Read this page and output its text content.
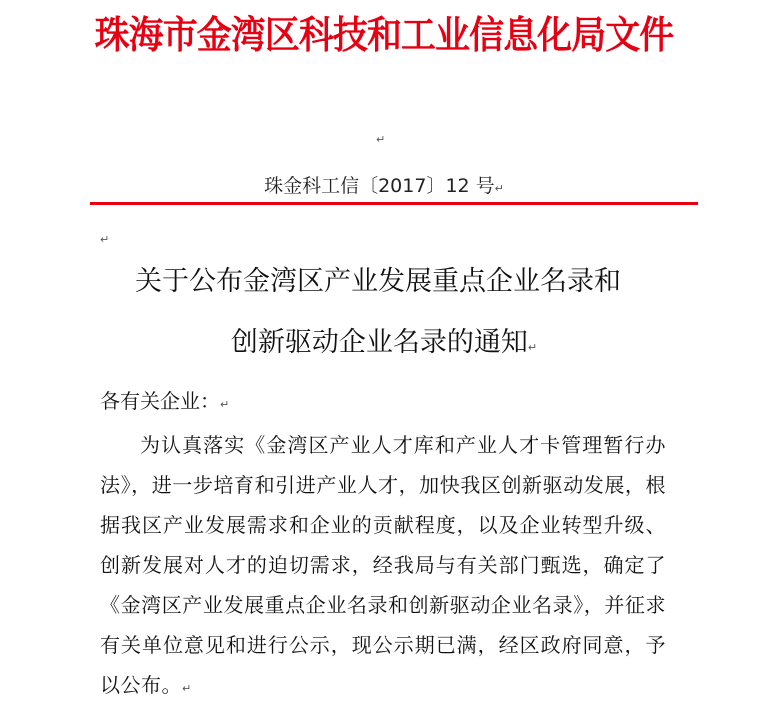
珠海市金湾区科技和工业信息化局文件
↵
珠金科工信〔2017〕12 号↵
↵
关于公布金湾区产业发展重点企业名录和
创新驱动企业名录的通知↵

各有关企业：↵

为认真落实《金湾区产业人才库和产业人才卡管理暂行办法》，进一步培育和引进产业人才，加快我区创新驱动发展，根据我区产业发展需求和企业的贡献程度，以及企业转型升级、创新发展对人才的迫切需求，经我局与有关部门甄选，确定了《金湾区产业发展重点企业名录和创新驱动企业名录》，并征求有关单位意见和进行公示，现公示期已满，经区政府同意，予以公布。↵
